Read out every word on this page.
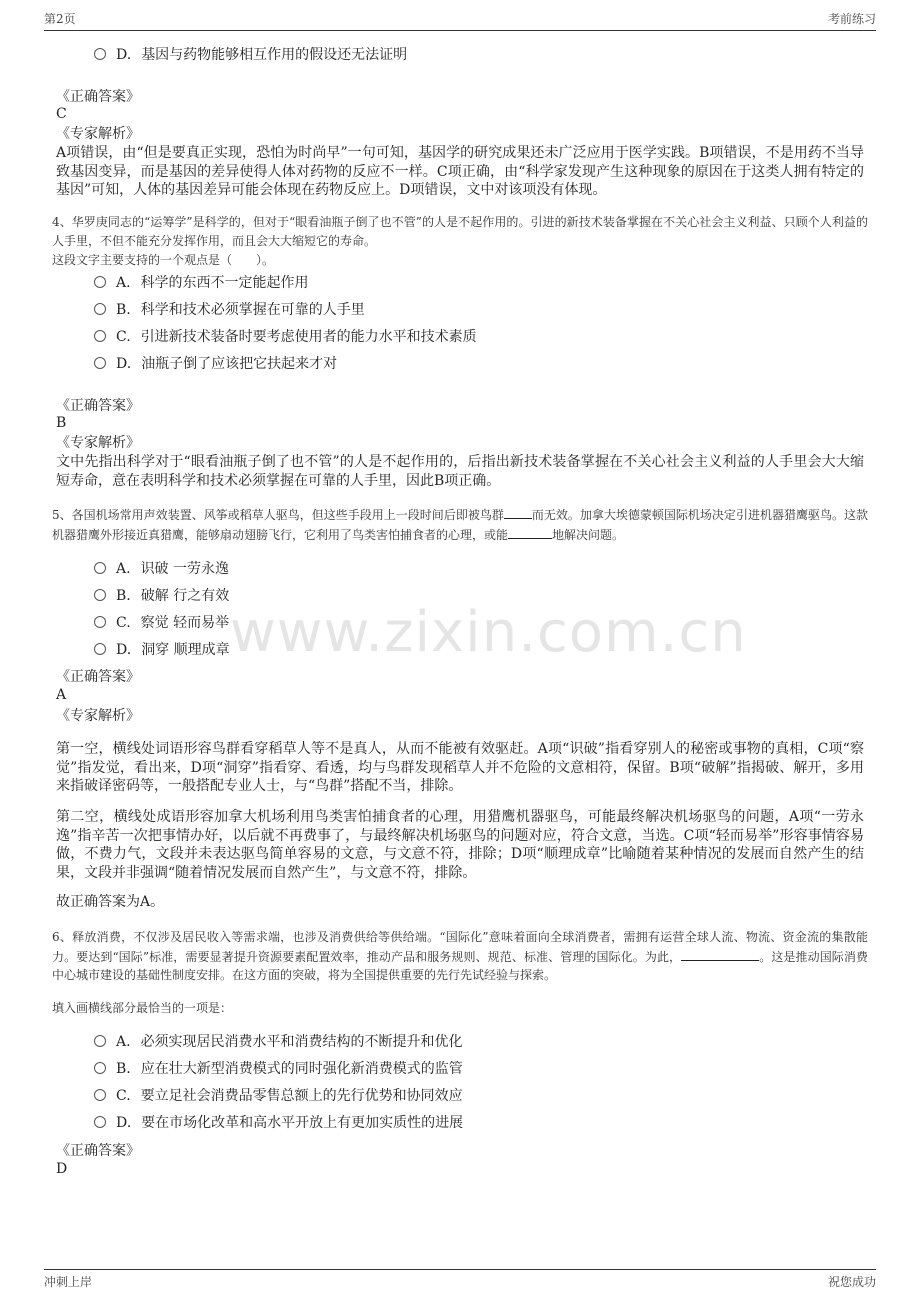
第2页	考前练习
www.zixin.com.cn
D. 基因与药物能够相互作用的假设还无法证明
《正确答案》
C
《专家解析》
A项错误，由“但是要真正实现，恐怕为时尚早”一句可知，基因学的研究成果还未广泛应用于医学实践。B项错误，不是用药不当导致基因变异，而是基因的差异使得人体对药物的反应不一样。C项正确，由“科学家发现产生这种现象的原因在于这类人拥有特定的基因”可知，人体的基因差异可能会体现在药物反应上。D项错误，文中对该项没有体现。
4、华罗庚同志的“运筹学”是科学的，但对于“眼看油瓶子倒了也不管”的人是不起作用的。引进的新技术装备掌握在不关心社会主义利益、只顾个人利益的人手里，不但不能充分发挥作用，而且会大大缩短它的寿命。
这段文字主要支持的一个观点是（　　）。
A. 科学的东西不一定能起作用
B. 科学和技术必须掌握在可靠的人手里
C. 引进新技术装备时要考虑使用者的能力水平和技术素质
D. 油瓶子倒了应该把它扶起来才对
《正确答案》
B
《专家解析》
文中先指出科学对于“眼看油瓶子倒了也不管”的人是不起作用的，后指出新技术装备掌握在不关心社会主义利益的人手里会大大缩短寿命，意在表明科学和技术必须掌握在可靠的人手里，因此B项正确。
5、各国机场常用声效装置、风筝或稻草人驱鸟，但这些手段用上一段时间后即被鸟群 而无效。加拿大埃德蒙顿国际机场决定引进机器猎鹰驱鸟。这款机器猎鹰外形接近真猎鹰，能够扇动翅膀飞行，它利用了鸟类害怕捕食者的心理，或能	地解决问题。
A. 识破 一劳永逸
B. 破解 行之有效
C. 察觉 轻而易举
D. 洞穿 顺理成章
《正确答案》
A
《专家解析》
第一空，横线处词语形容鸟群看穿稻草人等不是真人，从而不能被有效驱赶。A项“识破”指看穿别人的秘密或事物的真相，C项“察觉”指发觉，看出来，D项“洞穿”指看穿、看透，均与鸟群发现稻草人并不危险的文意相符，保留。B项“破解”指揭破、解开，多用来指破译密码等，一般搭配专业人士，与“鸟群”搭配不当，排除。
第二空，横线处成语形容加拿大机场利用鸟类害怕捕食者的心理，用猎鹰机器驱鸟，可能最终解决机场驱鸟的问题，A项“一劳永逸”指辛苦一次把事情办好，以后就不再费事了，与最终解决机场驱鸟的问题对应，符合文意，当选。C项“轻而易举”形容事情容易做，不费力气，文段并未表达驱鸟简单容易的文意，与文意不符，排除；D项“顺理成章”比喻随着某种情况的发展而自然产生的结果，文段并非强调“随着情况发展而自然产生”，与文意不符，排除。
故正确答案为A。
6、释放消费，不仅涉及居民收入等需求端，也涉及消费供给等供给端。“国际化”意味着面向全球消费者，需拥有运营全球人流、物流、资金流的集散能力。要达到“国际”标准，需要显著提升资源要素配置效率，推动产品和服务规则、规范、标准、管理的国际化。为此，	。这是推动国际消费中心城市建设的基础性制度安排。在这方面的突破，将为全国提供重要的先行先试经验与探索。
填入画横线部分最恰当的一项是：
A. 必须实现居民消费水平和消费结构的不断提升和优化
B. 应在壮大新型消费模式的同时强化新消费模式的监管
C. 要立足社会消费品零售总额上的先行优势和协同效应
D. 要在市场化改革和高水平开放上有更加实质性的进展
《正确答案》
D
冲刺上岸	祝您成功
